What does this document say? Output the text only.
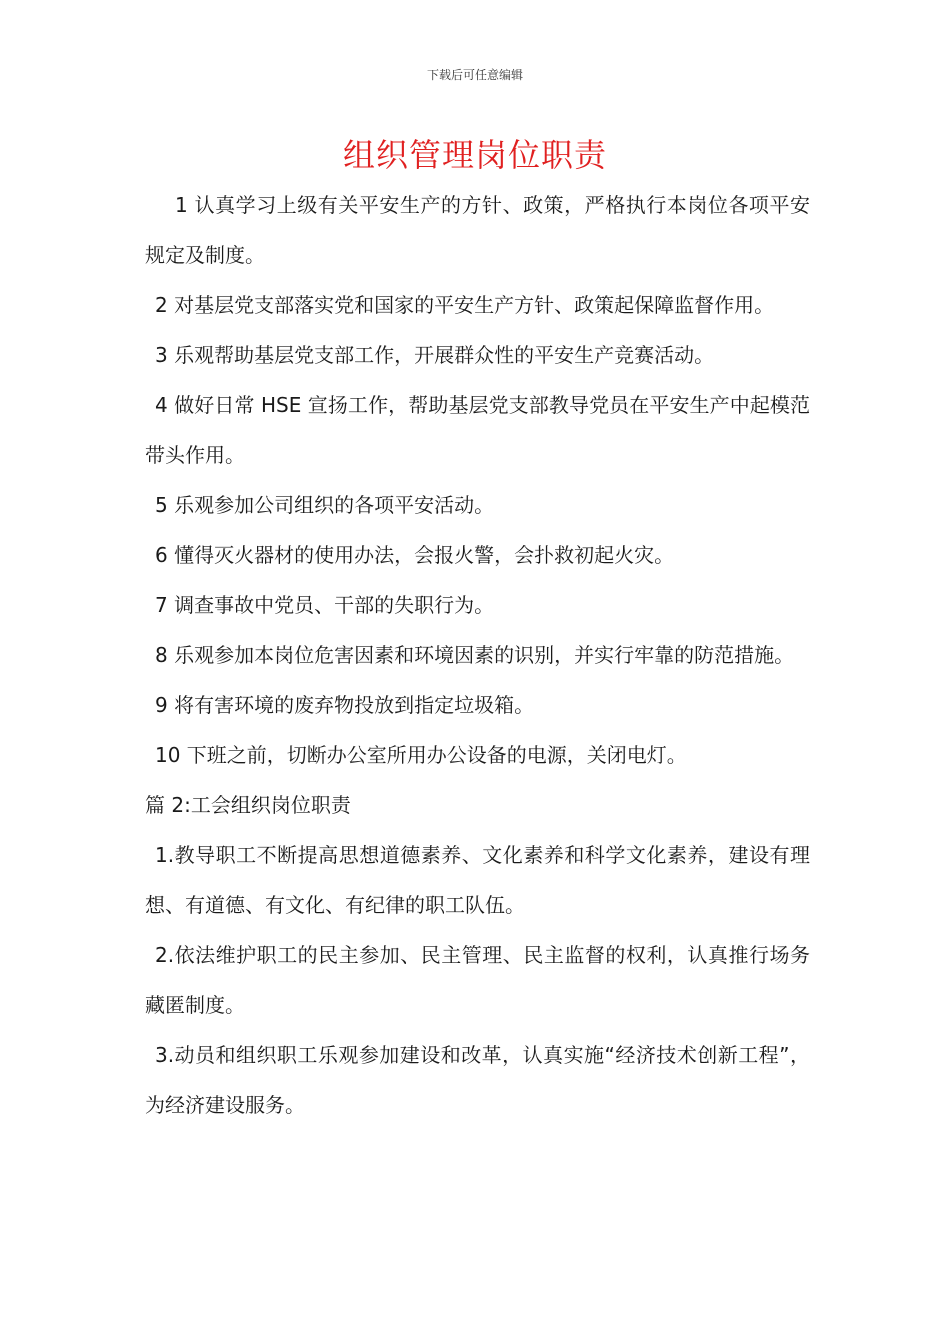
下载后可任意编辑
组织管理岗位职责

1 认真学习上级有关平安生产的方针、政策，严格执行本岗位各项平安规定及制度。

2 对基层党支部落实党和国家的平安生产方针、政策起保障监督作用。

3 乐观帮助基层党支部工作，开展群众性的平安生产竞赛活动。

4 做好日常 HSE 宣扬工作，帮助基层党支部教导党员在平安生产中起模范带头作用。

5 乐观参加公司组织的各项平安活动。

6 懂得灭火器材的使用办法，会报火警，会扑救初起火灾。

7 调查事故中党员、干部的失职行为。

8 乐观参加本岗位危害因素和环境因素的识别，并实行牢靠的防范措施。

9 将有害环境的废弃物投放到指定垃圾箱。

10 下班之前，切断办公室所用办公设备的电源，关闭电灯。

篇 2:工会组织岗位职责

1.教导职工不断提高思想道德素养、文化素养和科学文化素养，建设有理想、有道德、有文化、有纪律的职工队伍。

2.依法维护职工的民主参加、民主管理、民主监督的权利，认真推行场务藏匿制度。

3.动员和组织职工乐观参加建设和改革，认真实施“经济技术创新工程”，为经济建设服务。
